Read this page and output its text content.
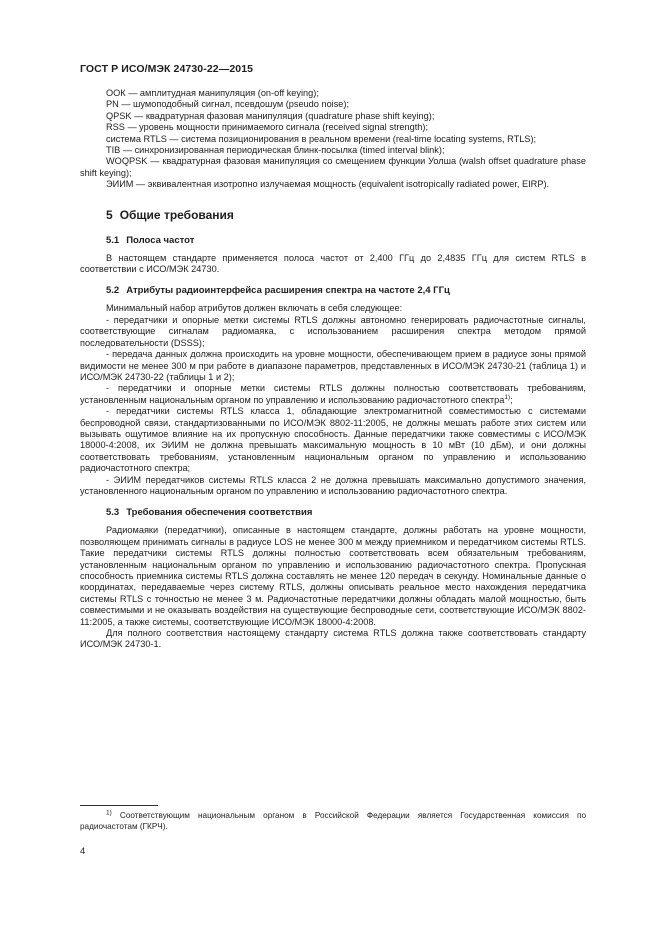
ГОСТ Р ИСО/МЭК 24730-22—2015

ООК — амплитудная манипуляция (on-off keying);

PN — шумоподобный сигнал, псевдошум (pseudo noise);

QPSK — квадратурная фазовая манипуляция (quadrature phase shift keying);

RSS — уровень мощности принимаемого сигнала (received signal strength);

система RTLS — система позиционирования в реальном времени (real-time locating systems, RTLS);

TIB — синхронизированная периодическая блинк-посылка (timed interval blink);

WOQPSK — квадратурная фазовая манипуляция со смещением функции Уолша (walsh offset quadrature phase shift keying);

ЭИИМ — эквивалентная изотропно излучаемая мощность (equivalent isotropically radiated power, EIRP).

5 Общие требования
5.1 Полоса частот

В настоящем стандарте применяется полоса частот от 2,400 ГГц до 2,4835 ГГц для систем RTLS в соответствии с ИСО/МЭК 24730.

5.2 Атрибуты радиоинтерфейса расширения спектра на частоте 2,4 ГГц

Минимальный набор атрибутов должен включать в себя следующее:

- передатчики и опорные метки системы RTLS должны автономно генерировать радиочастотные сигналы, соответствующие сигналам радиомаяка, с использованием расширения спектра методом прямой последовательности (DSSS);

- передача данных должна происходить на уровне мощности, обеспечивающем прием в радиусе зоны прямой видимости не менее 300 м при работе в диапазоне параметров, представленных в ИСО/МЭК 24730-21 (таблица 1) и ИСО/МЭК 24730-22 (таблицы 1 и 2);

- передатчики и опорные метки системы RTLS должны полностью соответствовать требованиям, установленным национальным органом по управлению и использованию радиочастотного спектра$^{1)}$;

- передатчики системы RTLS класса 1, обладающие электромагнитной совместимостью с системами беспроводной связи, стандартизованными по ИСО/МЭК 8802-11:2005, не должны мешать работе этих систем или вызывать ощутимое влияние на их пропускную способность. Данные передатчики также совместимы с ИСО/МЭК 18000-4:2008, их ЭИИМ не должна превышать максимальную мощность в 10 мВт (10 дБм), и они должны соответствовать требованиям, установленным национальным органом по управлению и использованию радиочастотного спектра;

- ЭИИМ передатчиков системы RTLS класса 2 не должна превышать максимально допустимого значения, установленного национальным органом по управлению и использованию радиочастотного спектра.

5.3 Требования обеспечения соответствия

Радиомаяки (передатчики), описанные в настоящем стандарте, должны работать на уровне мощности, позволяющем принимать сигналы в радиусе LOS не менее 300 м между приемником и передатчиком системы RTLS. Такие передатчики системы RTLS должны полностью соответствовать всем обязательным требованиям, установленным национальным органом по управлению и использованию радиочастотного спектра. Пропускная способность приемника системы RTLS должна составлять не менее 120 передач в секунду. Номинальные данные о координатах, передаваемые через систему RTLS, должны описывать реальное место нахождения передатчика системы RTLS с точностью не менее 3 м. Радиочастотные передатчики должны обладать малой мощностью, быть совместимыми и не оказывать воздействия на существующие беспроводные сети, соответствующие ИСО/МЭК 8802-11:2005, а также системы, соответствующие ИСО/МЭК 18000-4:2008.

Для полного соответствия настоящему стандарту система RTLS должна также соответствовать стандарту ИСО/МЭК 24730-1.

$^{1)}$ Соответствующим национальным органом в Российской Федерации является Государственная комиссия по радиочастотам (ГКРЧ).
4
